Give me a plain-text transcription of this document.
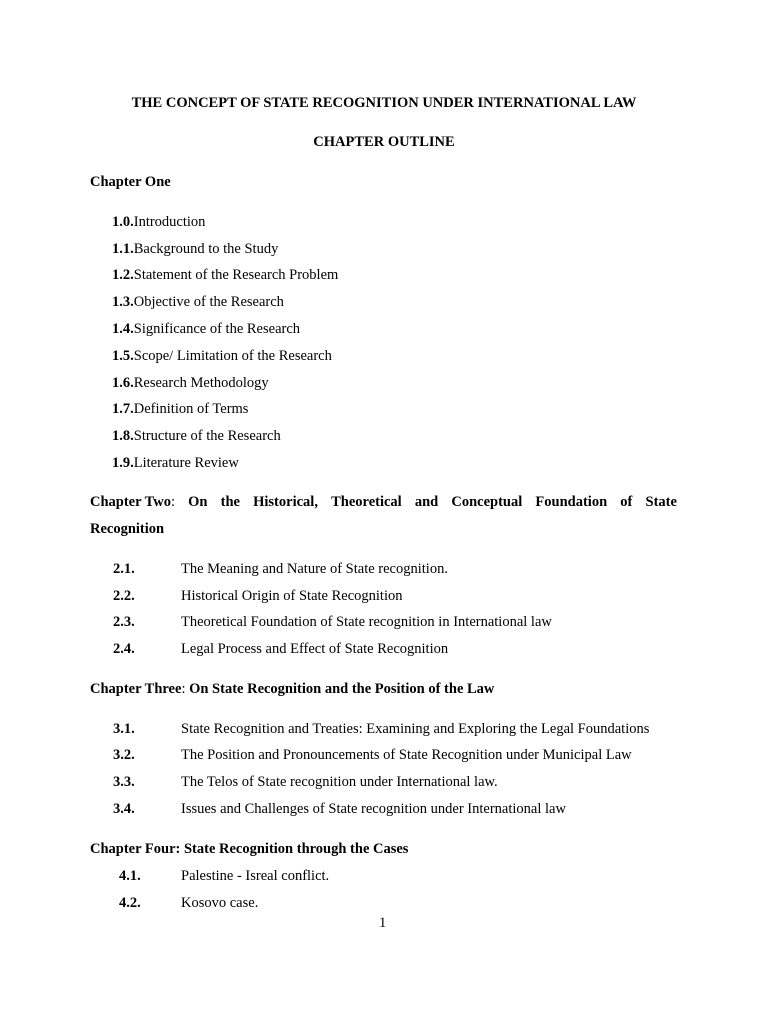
THE CONCEPT OF STATE RECOGNITION UNDER INTERNATIONAL LAW
CHAPTER OUTLINE
Chapter One
1.0.Introduction
1.1.Background to the Study
1.2.Statement of the Research Problem
1.3.Objective of the Research
1.4.Significance of the Research
1.5.Scope/ Limitation of the Research
1.6.Research Methodology
1.7.Definition of Terms
1.8.Structure of the Research
1.9.Literature Review
Chapter Two: On the Historical, Theoretical and Conceptual Foundation of State
Recognition
2.1.	The Meaning and Nature of State recognition.
2.2.	Historical Origin of State Recognition
2.3.	Theoretical Foundation of State recognition in International law
2.4.	Legal Process and Effect of State Recognition
Chapter Three: On State Recognition and the Position of the Law
3.1.	State Recognition and Treaties: Examining and Exploring the Legal Foundations
3.2.	The Position and Pronouncements of State Recognition under Municipal Law
3.3.	The Telos of State recognition under International law.
3.4.	Issues and Challenges of State recognition under International law
Chapter Four: State Recognition through the Cases
4.1.	Palestine - Isreal conflict.
4.2.	Kosovo case.
1
